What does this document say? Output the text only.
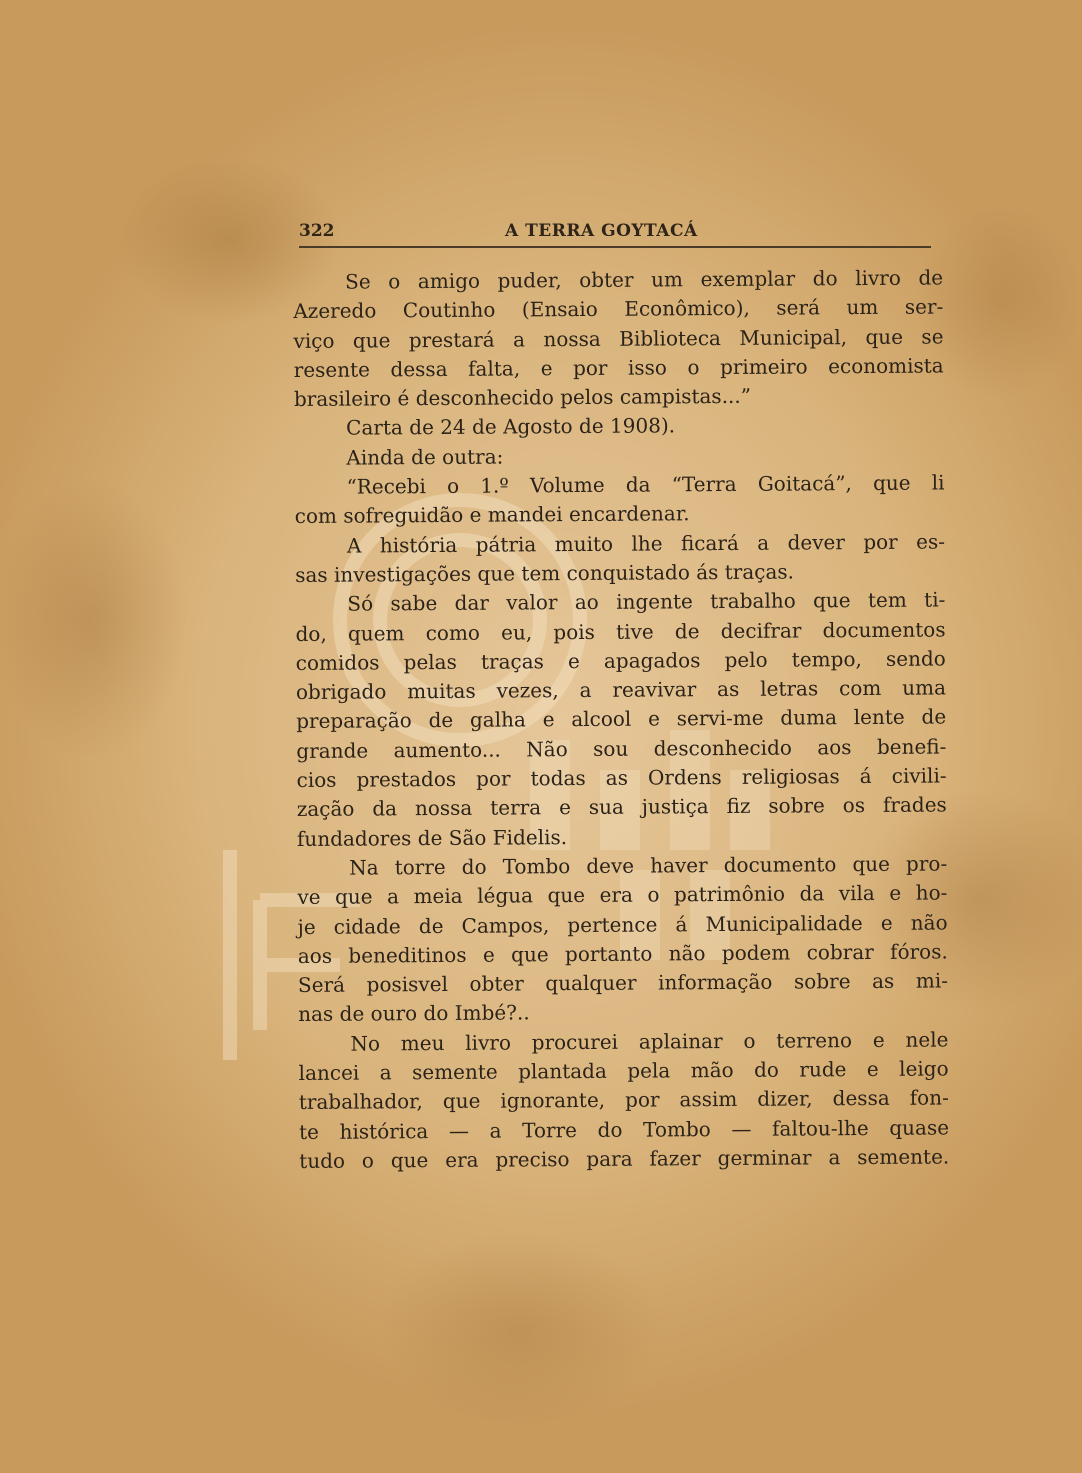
322	A TERRA GOYTACÁ
Se o amigo puder, obter um exemplar do livro de
Azeredo Coutinho (Ensaio Econômico), será um ser-
viço que prestará a nossa Biblioteca Municipal, que se
resente dessa falta, e por isso o primeiro economista
brasileiro é desconhecido pelos campistas...”
Carta de 24 de Agosto de 1908).
Ainda de outra:
“Recebi o 1.º Volume da “Terra Goitacá”, que li
com sofreguidão e mandei encardenar.
A história pátria muito lhe ficará a dever por es-
sas investigações que tem conquistado ás traças.
Só sabe dar valor ao ingente trabalho que tem ti-
do, quem como eu, pois tive de decifrar documentos
comidos pelas traças e apagados pelo tempo, sendo
obrigado muitas vezes, a reavivar as letras com uma
preparação de galha e alcool e servi-me duma lente de
grande aumento... Não sou desconhecido aos benefi-
cios prestados por todas as Ordens religiosas á civili-
zação da nossa terra e sua justiça fiz sobre os frades
fundadores de São Fidelis.
Na torre do Tombo deve haver documento que pro-
ve que a meia légua que era o patrimônio da vila e ho-
je cidade de Campos, pertence á Municipalidade e não
aos beneditinos e que portanto não podem cobrar fóros.
Será posisvel obter qualquer informação sobre as mi-
nas de ouro do Imbé?..
No meu livro procurei aplainar o terreno e nele
lancei a semente plantada pela mão do rude e leigo
trabalhador, que ignorante, por assim dizer, dessa fon-
te histórica — a Torre do Tombo — faltou-lhe quase
tudo o que era preciso para fazer germinar a semente.
